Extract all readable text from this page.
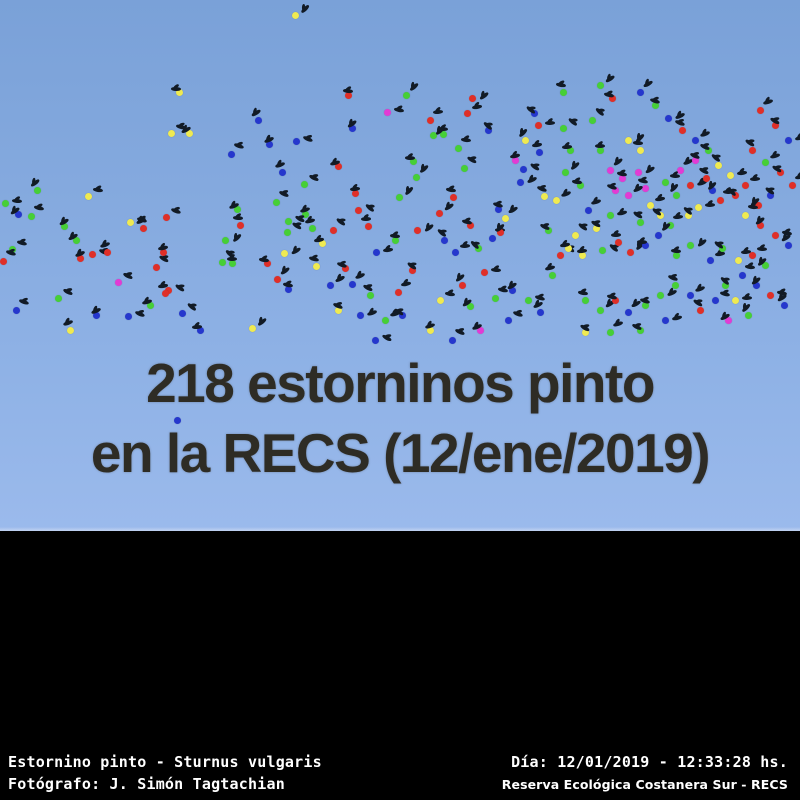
218 estorninos pinto
en la RECS (12/ene/2019)
Estornino pinto - Sturnus vulgaris	Día: 12/01/2019 - 12:33:28 hs.
Fotógrafo: J. Simón Tagtachian	Reserva Ecológica Costanera Sur - RECS
